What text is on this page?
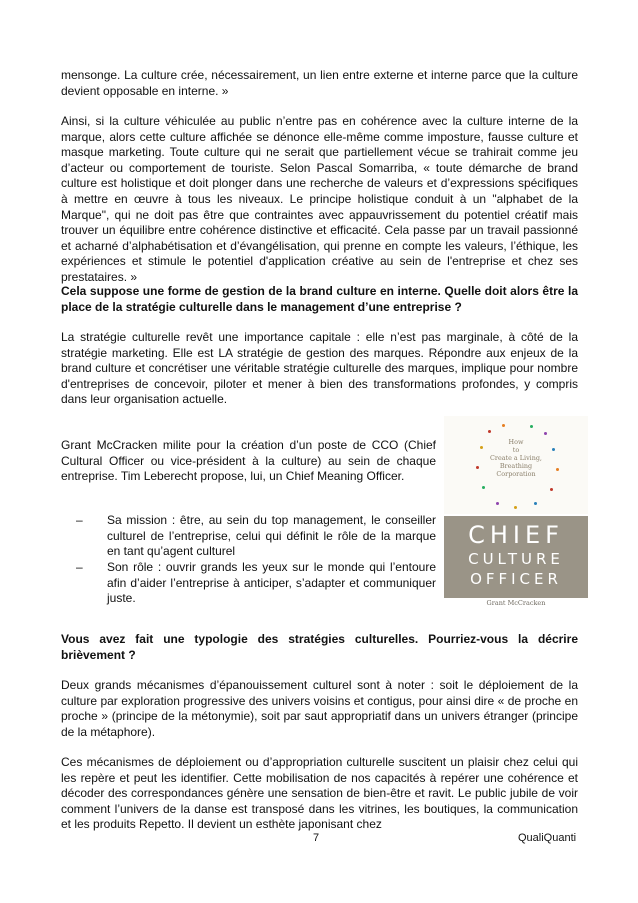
mensonge. La culture crée, nécessairement, un lien entre externe et interne parce que la culture devient opposable en interne. »

Ainsi, si la culture véhiculée au public n’entre pas en cohérence avec la culture interne de la marque, alors cette culture affichée se dénonce elle-même comme imposture, fausse culture et masque marketing. Toute culture qui ne serait que partiellement vécue se trahirait comme jeu d’acteur ou comportement de touriste. Selon Pascal Somarriba, « toute démarche de brand culture est holistique et doit plonger dans une recherche de valeurs et d’expressions spécifiques à mettre en œuvre à tous les niveaux. Le principe holistique conduit à un "alphabet de la Marque", qui ne doit pas être que contraintes avec appauvrissement du potentiel créatif mais trouver un équilibre entre cohérence distinctive et efficacité. Cela passe par un travail passionné et acharné d’alphabétisation et d’évangélisation, qui prenne en compte les valeurs, l’éthique, les expériences et stimule le potentiel d'application créative au sein de l'entreprise et chez ses prestataires. »

Cela suppose une forme de gestion de la brand culture en interne. Quelle doit alors être la place de la stratégie culturelle dans le management d’une entreprise ?

La stratégie culturelle revêt une importance capitale : elle n’est pas marginale, à côté de la stratégie marketing. Elle est LA stratégie de gestion des marques. Répondre aux enjeux de la brand culture et concrétiser une véritable stratégie culturelle des marques, implique pour nombre d'entreprises de concevoir, piloter et mener à bien des transformations profondes, y compris dans leur organisation actuelle.

Grant McCracken milite pour la création d’un poste de CCO (Chief Cultural Officer ou vice-président à la culture) au sein de chaque entreprise. Tim Leberecht propose, lui, un Chief Meaning Officer.

– Sa mission : être, au sein du top management, le conseiller culturel de l’entreprise, celui qui définit le rôle de la marque en tant qu’agent culturel

– Son rôle : ouvrir grands les yeux sur le monde qui l’entoure afin d’aider l’entreprise à anticiper, s’adapter et communiquer juste.

How
to
Create a Living,
Breathing
Corporation
CHIEF
CULTURE
OFFICER
Grant McCracken

Vous avez fait une typologie des stratégies culturelles. Pourriez-vous la décrire brièvement ?

Deux grands mécanismes d’épanouissement culturel sont à noter : soit le déploiement de la culture par exploration progressive des univers voisins et contigus, pour ainsi dire « de proche en proche » (principe de la métonymie), soit par saut appropriatif dans un univers étranger (principe de la métaphore).

Ces mécanismes de déploiement ou d’appropriation culturelle suscitent un plaisir chez celui qui les repère et peut les identifier. Cette mobilisation de nos capacités à repérer une cohérence et décoder des correspondances génère une sensation de bien-être et ravit. Le public jubile de voir comment l’univers de la danse est transposé dans les vitrines, les boutiques, la communication et les produits Repetto. Il devient un esthète japonisant chez

7	QualiQuanti
